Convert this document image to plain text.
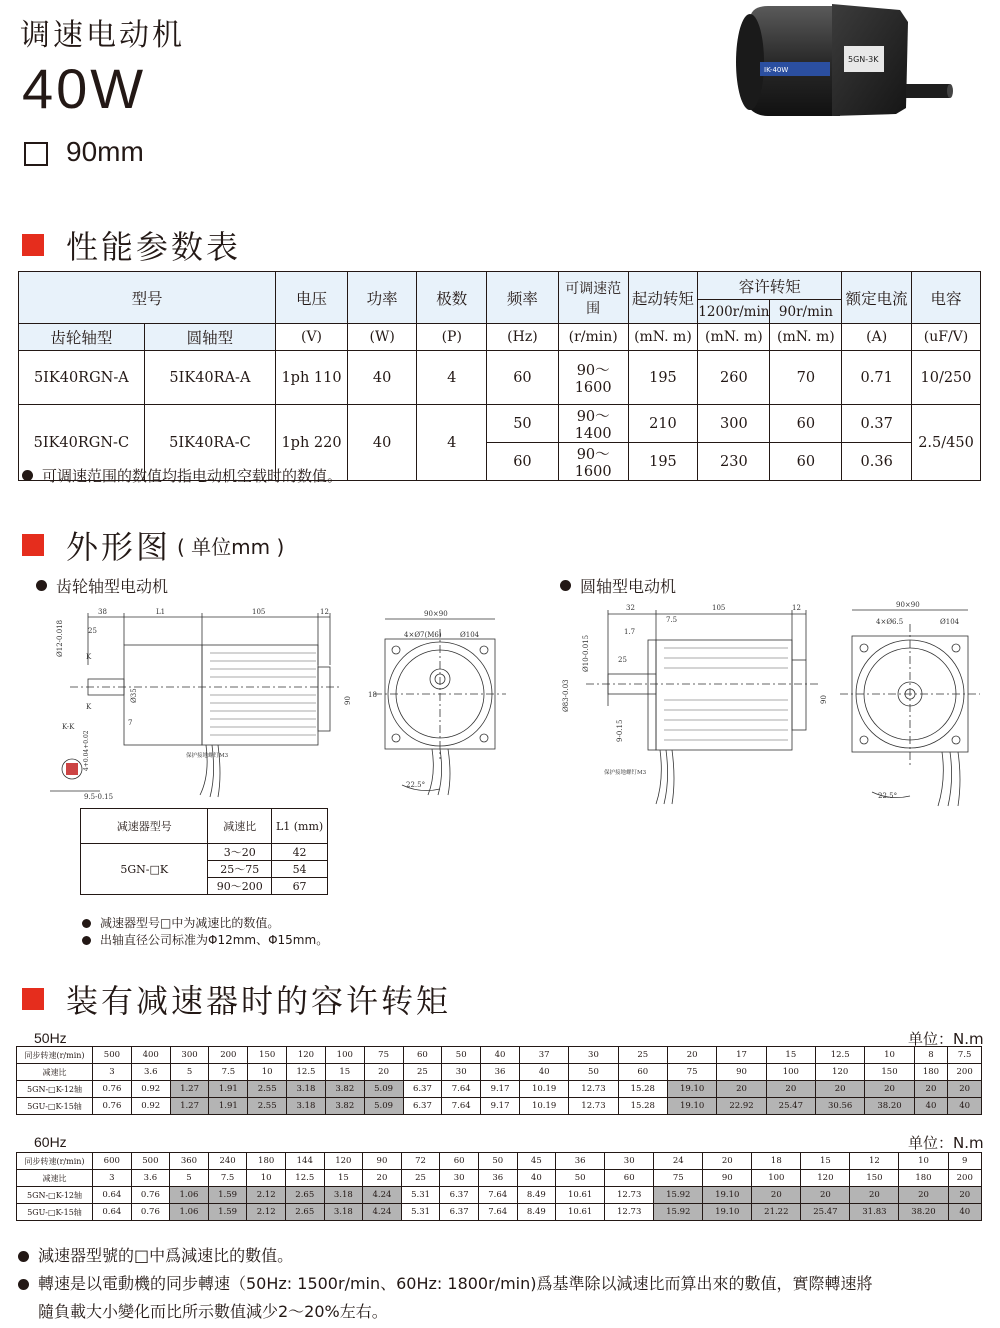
调速电动机
40W
90mm
IK-40W
5GN-3K
性能参数表
型号		电压	功率	极数	频率	可调速范围	起动转矩	容许转矩		额定电流	电容
								1200r/min	90r/min		
齿轮轴型	圆轴型	(V)	(W)	(P)	(Hz)	(r/min)	(mN. m)	(mN. m)	(mN. m)	(A)	(uF/V)
5IK40RGN-A	5IK40RA-A	1ph 110	40	4	60	90～1600	195	260	70	0.71	10/250
5IK40RGN-C	5IK40RA-C	1ph 220	40	4	50	90～1400	210	300	60	0.37	2.5/450
					60	90～1600	195	230	60	0.36	
可调速范围的数值均指电动机空载时的数值。
外形图 ( 单位mm )
齿轮轴型电动机	圆轴型电动机
38	L1	105	12
25
Ø12-0.018
Ø35
7
K
K
K-K
4+0.04+0.02
9.5-0.15
保护接地螺钉M3
90
90×90
4×Ø7(M6)	Ø104
18
22.5°
32	105	12
7.5
1.7
25
Ø10-0.015
Ø83-0.03
9-0.15
保护接地螺钉M3
90
90×90
4×Ø6.5	Ø104
22.5°
减速器型号	减速比	L1 (mm)
5GN-□K	3～20	42
	25～75	54
	90～200	67
减速器型号□中为减速比的数值。
出轴直径公司标准为Φ12mm、Φ15mm。
装有减速器时的容许转矩
50Hz	单位：N.m
同步转速(r/min)	500	400	300	200	150	120	100	75	60	50	40	37	30	25	20	17	15	12.5	10	8	7.5
减速比	3	3.6	5	7.5	10	12.5	15	20	25	30	36	40	50	60	75	90	100	120	150	180	200
5GN-□K-12轴	0.76	0.92	1.27	1.91	2.55	3.18	3.82	5.09	6.37	7.64	9.17	10.19	12.73	15.28	19.10	20	20	20	20	20	20
5GU-□K-15轴	0.76	0.92	1.27	1.91	2.55	3.18	3.82	5.09	6.37	7.64	9.17	10.19	12.73	15.28	19.10	22.92	25.47	30.56	38.20	40	40
60Hz	单位：N.m
同步转速(r/min)	600	500	360	240	180	144	120	90	72	60	50	45	36	30	24	20	18	15	12	10	9
减速比	3	3.6	5	7.5	10	12.5	15	20	25	30	36	40	50	60	75	90	100	120	150	180	200
5GN-□K-12轴	0.64	0.76	1.06	1.59	2.12	2.65	3.18	4.24	5.31	6.37	7.64	8.49	10.61	12.73	15.92	19.10	20	20	20	20	20
5GU-□K-15轴	0.64	0.76	1.06	1.59	2.12	2.65	3.18	4.24	5.31	6.37	7.64	8.49	10.61	12.73	15.92	19.10	21.22	25.47	31.83	38.20	40
減速器型號的□中爲減速比的數值。
轉速是以電動機的同步轉速（50Hz: 1500r/min、60Hz: 1800r/min)爲基準除以減速比而算出來的數值，實際轉速將
隨負載大小變化而比所示數值減少2～20%左右。
